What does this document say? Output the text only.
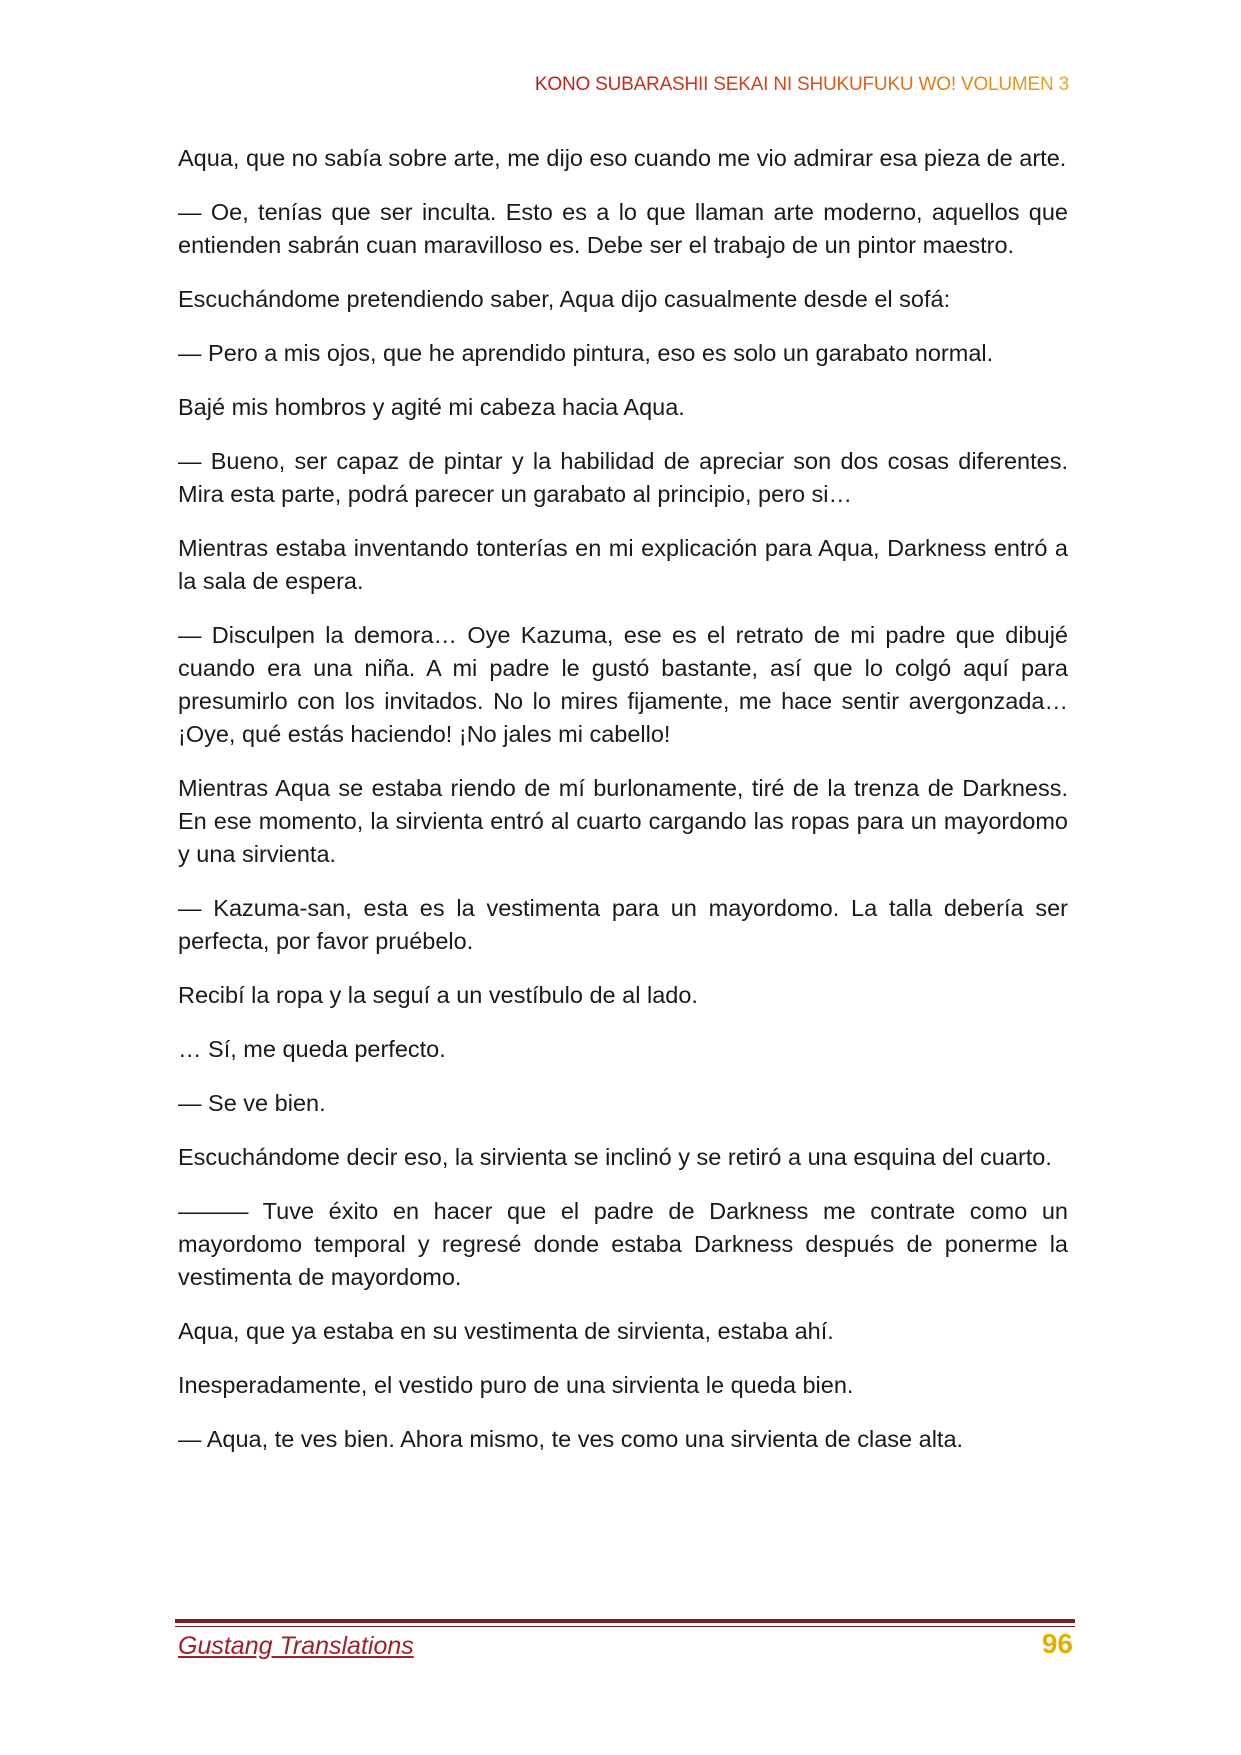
KONO SUBARASHII SEKAI NI SHUKUFUKU WO! VOLUMEN 3

Aqua, que no sabía sobre arte, me dijo eso cuando me vio admirar esa pieza de arte.

— Oe, tenías que ser inculta. Esto es a lo que llaman arte moderno, aquellos que entienden sabrán cuan maravilloso es. Debe ser el trabajo de un pintor maestro.

Escuchándome pretendiendo saber, Aqua dijo casualmente desde el sofá:

— Pero a mis ojos, que he aprendido pintura, eso es solo un garabato normal.

Bajé mis hombros y agité mi cabeza hacia Aqua.

— Bueno, ser capaz de pintar y la habilidad de apreciar son dos cosas diferentes. Mira esta parte, podrá parecer un garabato al principio, pero si…

Mientras estaba inventando tonterías en mi explicación para Aqua, Darkness entró a la sala de espera.

— Disculpen la demora… Oye Kazuma, ese es el retrato de mi padre que dibujé cuando era una niña. A mi padre le gustó bastante, así que lo colgó aquí para presumirlo con los invitados. No lo mires fijamente, me hace sentir avergonzada… ¡Oye, qué estás haciendo! ¡No jales mi cabello!

Mientras Aqua se estaba riendo de mí burlonamente, tiré de la trenza de Darkness. En ese momento, la sirvienta entró al cuarto cargando las ropas para un mayordomo y una sirvienta.

— Kazuma-san, esta es la vestimenta para un mayordomo. La talla debería ser perfecta, por favor pruébelo.

Recibí la ropa y la seguí a un vestíbulo de al lado.

… Sí, me queda perfecto.

— Se ve bien.

Escuchándome decir eso, la sirvienta se inclinó y se retiró a una esquina del cuarto.

——— Tuve éxito en hacer que el padre de Darkness me contrate como un mayordomo temporal y regresé donde estaba Darkness después de ponerme la vestimenta de mayordomo.

Aqua, que ya estaba en su vestimenta de sirvienta, estaba ahí.

Inesperadamente, el vestido puro de una sirvienta le queda bien.

— Aqua, te ves bien. Ahora mismo, te ves como una sirvienta de clase alta.

Gustang Translations	96
